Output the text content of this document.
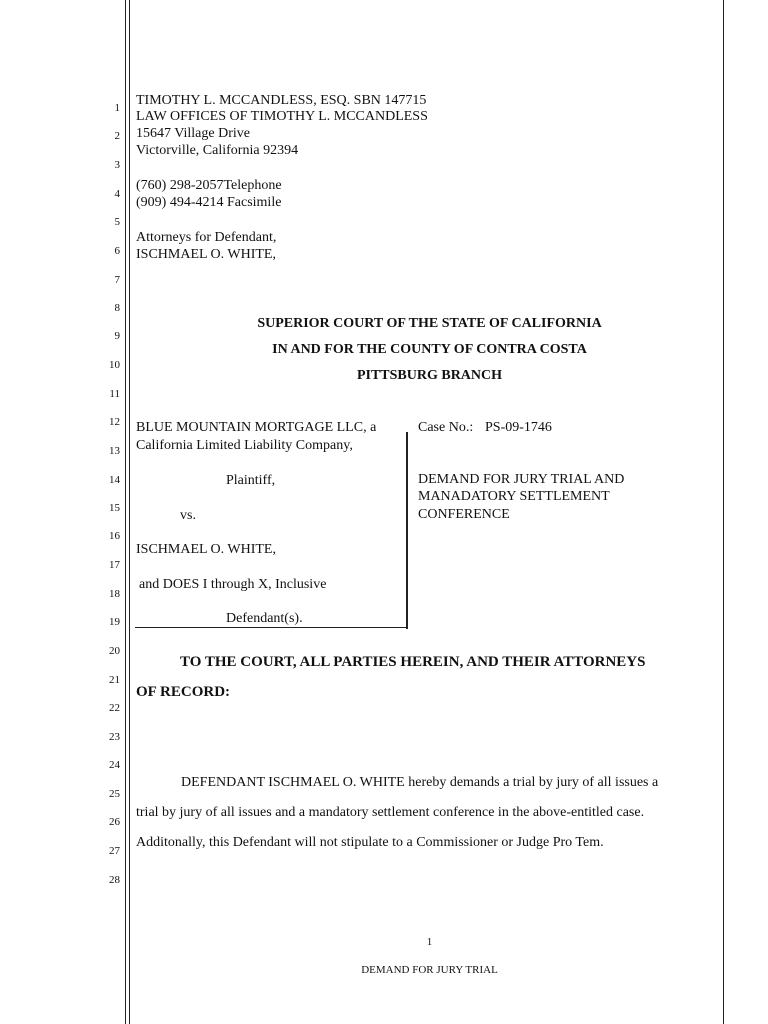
1
2
3
4
5
6
7
8
9
10
11
12
13
14
15
16
17
18
19
20
21
22
23
24
25
26
27
28
TIMOTHY L. MCCANDLESS, ESQ. SBN 147715
LAW OFFICES OF TIMOTHY L. MCCANDLESS
15647 Village Drive
Victorville, California 92394
(760) 298-2057Telephone
(909) 494-4214 Facsimile
Attorneys for Defendant,
ISCHMAEL O. WHITE,
SUPERIOR COURT OF THE STATE OF CALIFORNIA
IN AND FOR THE COUNTY OF CONTRA COSTA
PITTSBURG BRANCH
BLUE MOUNTAIN MORTGAGE LLC, a
California Limited Liability Company,
Plaintiff,
vs.
ISCHMAEL O. WHITE,
and DOES I through X, Inclusive
Defendant(s).
Case No.: PS-09-1746
DEMAND FOR JURY TRIAL AND
MANADATORY SETTLEMENT
CONFERENCE
TO THE COURT, ALL PARTIES HEREIN, AND THEIR ATTORNEYS
OF RECORD:
DEFENDANT ISCHMAEL O. WHITE hereby demands a trial by jury of all issues a
trial by jury of all issues and a mandatory settlement conference in the above-entitled case.
Additonally, this Defendant will not stipulate to a Commissioner or Judge Pro Tem.
1
DEMAND FOR JURY TRIAL
